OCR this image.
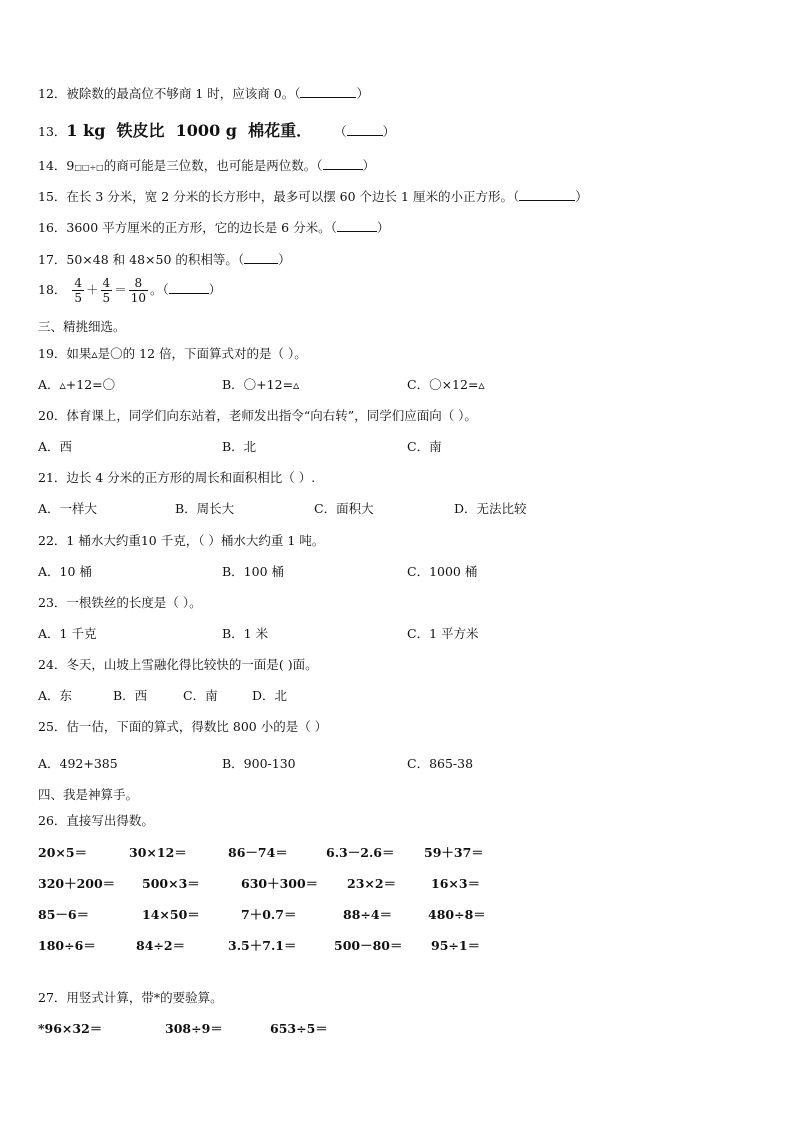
12．被除数的最高位不够商 1 时，应该商 0。（	）
13．1 kg  铁皮比  1000 g  棉花重． （	）
14．9□□÷□的商可能是三位数，也可能是两位数。（	）
15．在长 3 分米，宽 2 分米的长方形中，最多可以摆 60 个边长 1 厘米的小正方形。（	）
16．3600 平方厘米的正方形，它的边长是 6 分米。（	）
17．50×48 和 48×50 的积相等。（	）
18． $\frac{4}{5} + \frac{4}{5} = \frac{8}{10}$ 。（	）
三、精挑细选。
19．如果▵是〇的 12 倍，下面算式对的是（ ）。
A．▵+12=〇	B．〇+12=▵	C．〇×12=▵
20．体育课上，同学们向东站着，老师发出指令“向右转”，同学们应面向（ ）。
A．西	B．北	C．南
21．边长 4 分米的正方形的周长和面积相比（ ）.
A．一样大	B．周长大	C．面积大	D．无法比较
22．1 桶水大约重10 千克，（ ）桶水大约重 1 吨。
A．10 桶	B．100 桶	C．1000 桶
23．一根铁丝的长度是（ ）。
A．1 千克	B．1 米	C．1 平方米
24．冬天，山坡上雪融化得比较快的一面是( )面。
A．东	B．西	C．南	D．北
25．估一估，下面的算式，得数比 800 小的是（ ）
A．492+385	B．900-130	C．865-38
四、我是神算手。
26．直接写出得数。
20×5＝	30×12＝	86－74＝	6.3－2.6＝ 59＋37＝
320＋200＝ 500×3＝	630＋300＝ 23×2＝	16×3＝
85－6＝	14×50＝	7＋0.7＝	88÷4＝	480÷8＝
180÷6＝	84÷2＝	3.5＋7.1＝	500－80＝ 95÷1＝
27．用竖式计算，带*的要验算。
*96×32＝	308÷9＝	653÷5＝
